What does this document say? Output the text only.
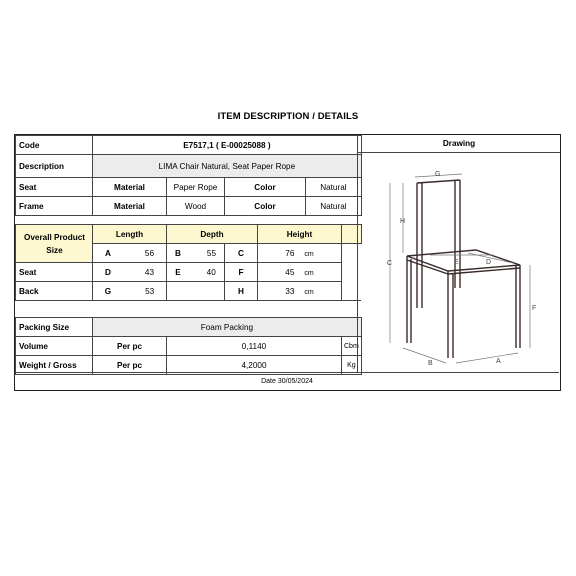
ITEM DESCRIPTION / DETAILS
Code	E7517,1 ( E-00025088 )					
Description	LIMA Chair Natural, Seat Paper Rope					
Seat	Material	Paper Rope	Color		Natural	
Frame	Material	Wood	Color		Natural	

Overall Product Size	Length	Depth		Height		
	A 56	B 55	C	76 cm		
Seat	D 43	E 40	F	45 cm		
Back	G 53		H	33 cm		

Packing Size	Foam Packing					
Volume	Per pc	0,1140				Cbm
Weight / Gross	Per pc	4,2000				Kg
Drawing
G
H
C	E	D
F
B	A
Date 30/05/2024
